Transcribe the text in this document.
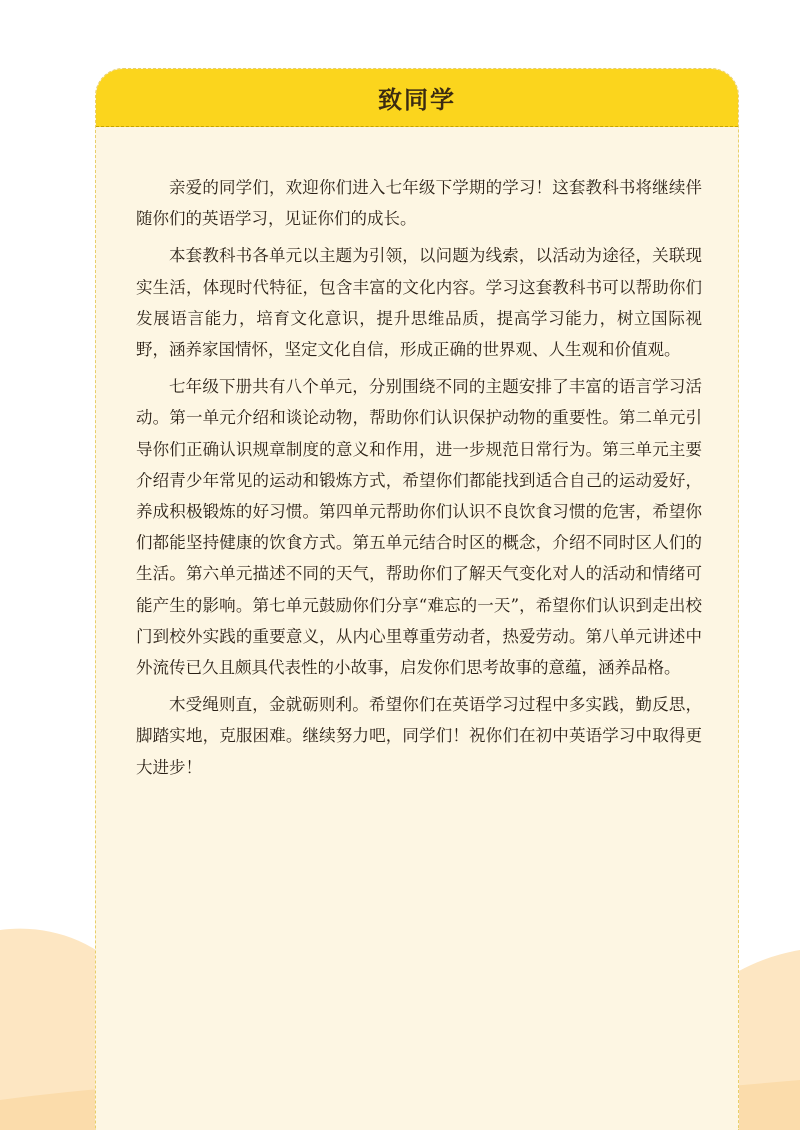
致同学

亲爱的同学们，欢迎你们进入七年级下学期的学习！这套教科书将继续伴随你们的英语学习，见证你们的成长。

本套教科书各单元以主题为引领，以问题为线索，以活动为途径，关联现实生活，体现时代特征，包含丰富的文化内容。学习这套教科书可以帮助你们发展语言能力，培育文化意识，提升思维品质，提高学习能力，树立国际视野，涵养家国情怀，坚定文化自信，形成正确的世界观、人生观和价值观。

七年级下册共有八个单元，分别围绕不同的主题安排了丰富的语言学习活动。第一单元介绍和谈论动物，帮助你们认识保护动物的重要性。第二单元引导你们正确认识规章制度的意义和作用，进一步规范日常行为。第三单元主要介绍青少年常见的运动和锻炼方式，希望你们都能找到适合自己的运动爱好，养成积极锻炼的好习惯。第四单元帮助你们认识不良饮食习惯的危害，希望你们都能坚持健康的饮食方式。第五单元结合时区的概念，介绍不同时区人们的生活。第六单元描述不同的天气，帮助你们了解天气变化对人的活动和情绪可能产生的影响。第七单元鼓励你们分享“难忘的一天”，希望你们认识到走出校门到校外实践的重要意义，从内心里尊重劳动者，热爱劳动。第八单元讲述中外流传已久且颇具代表性的小故事，启发你们思考故事的意蕴，涵养品格。

木受绳则直，金就砺则利。希望你们在英语学习过程中多实践，勤反思，脚踏实地，克服困难。继续努力吧，同学们！祝你们在初中英语学习中取得更大进步！
